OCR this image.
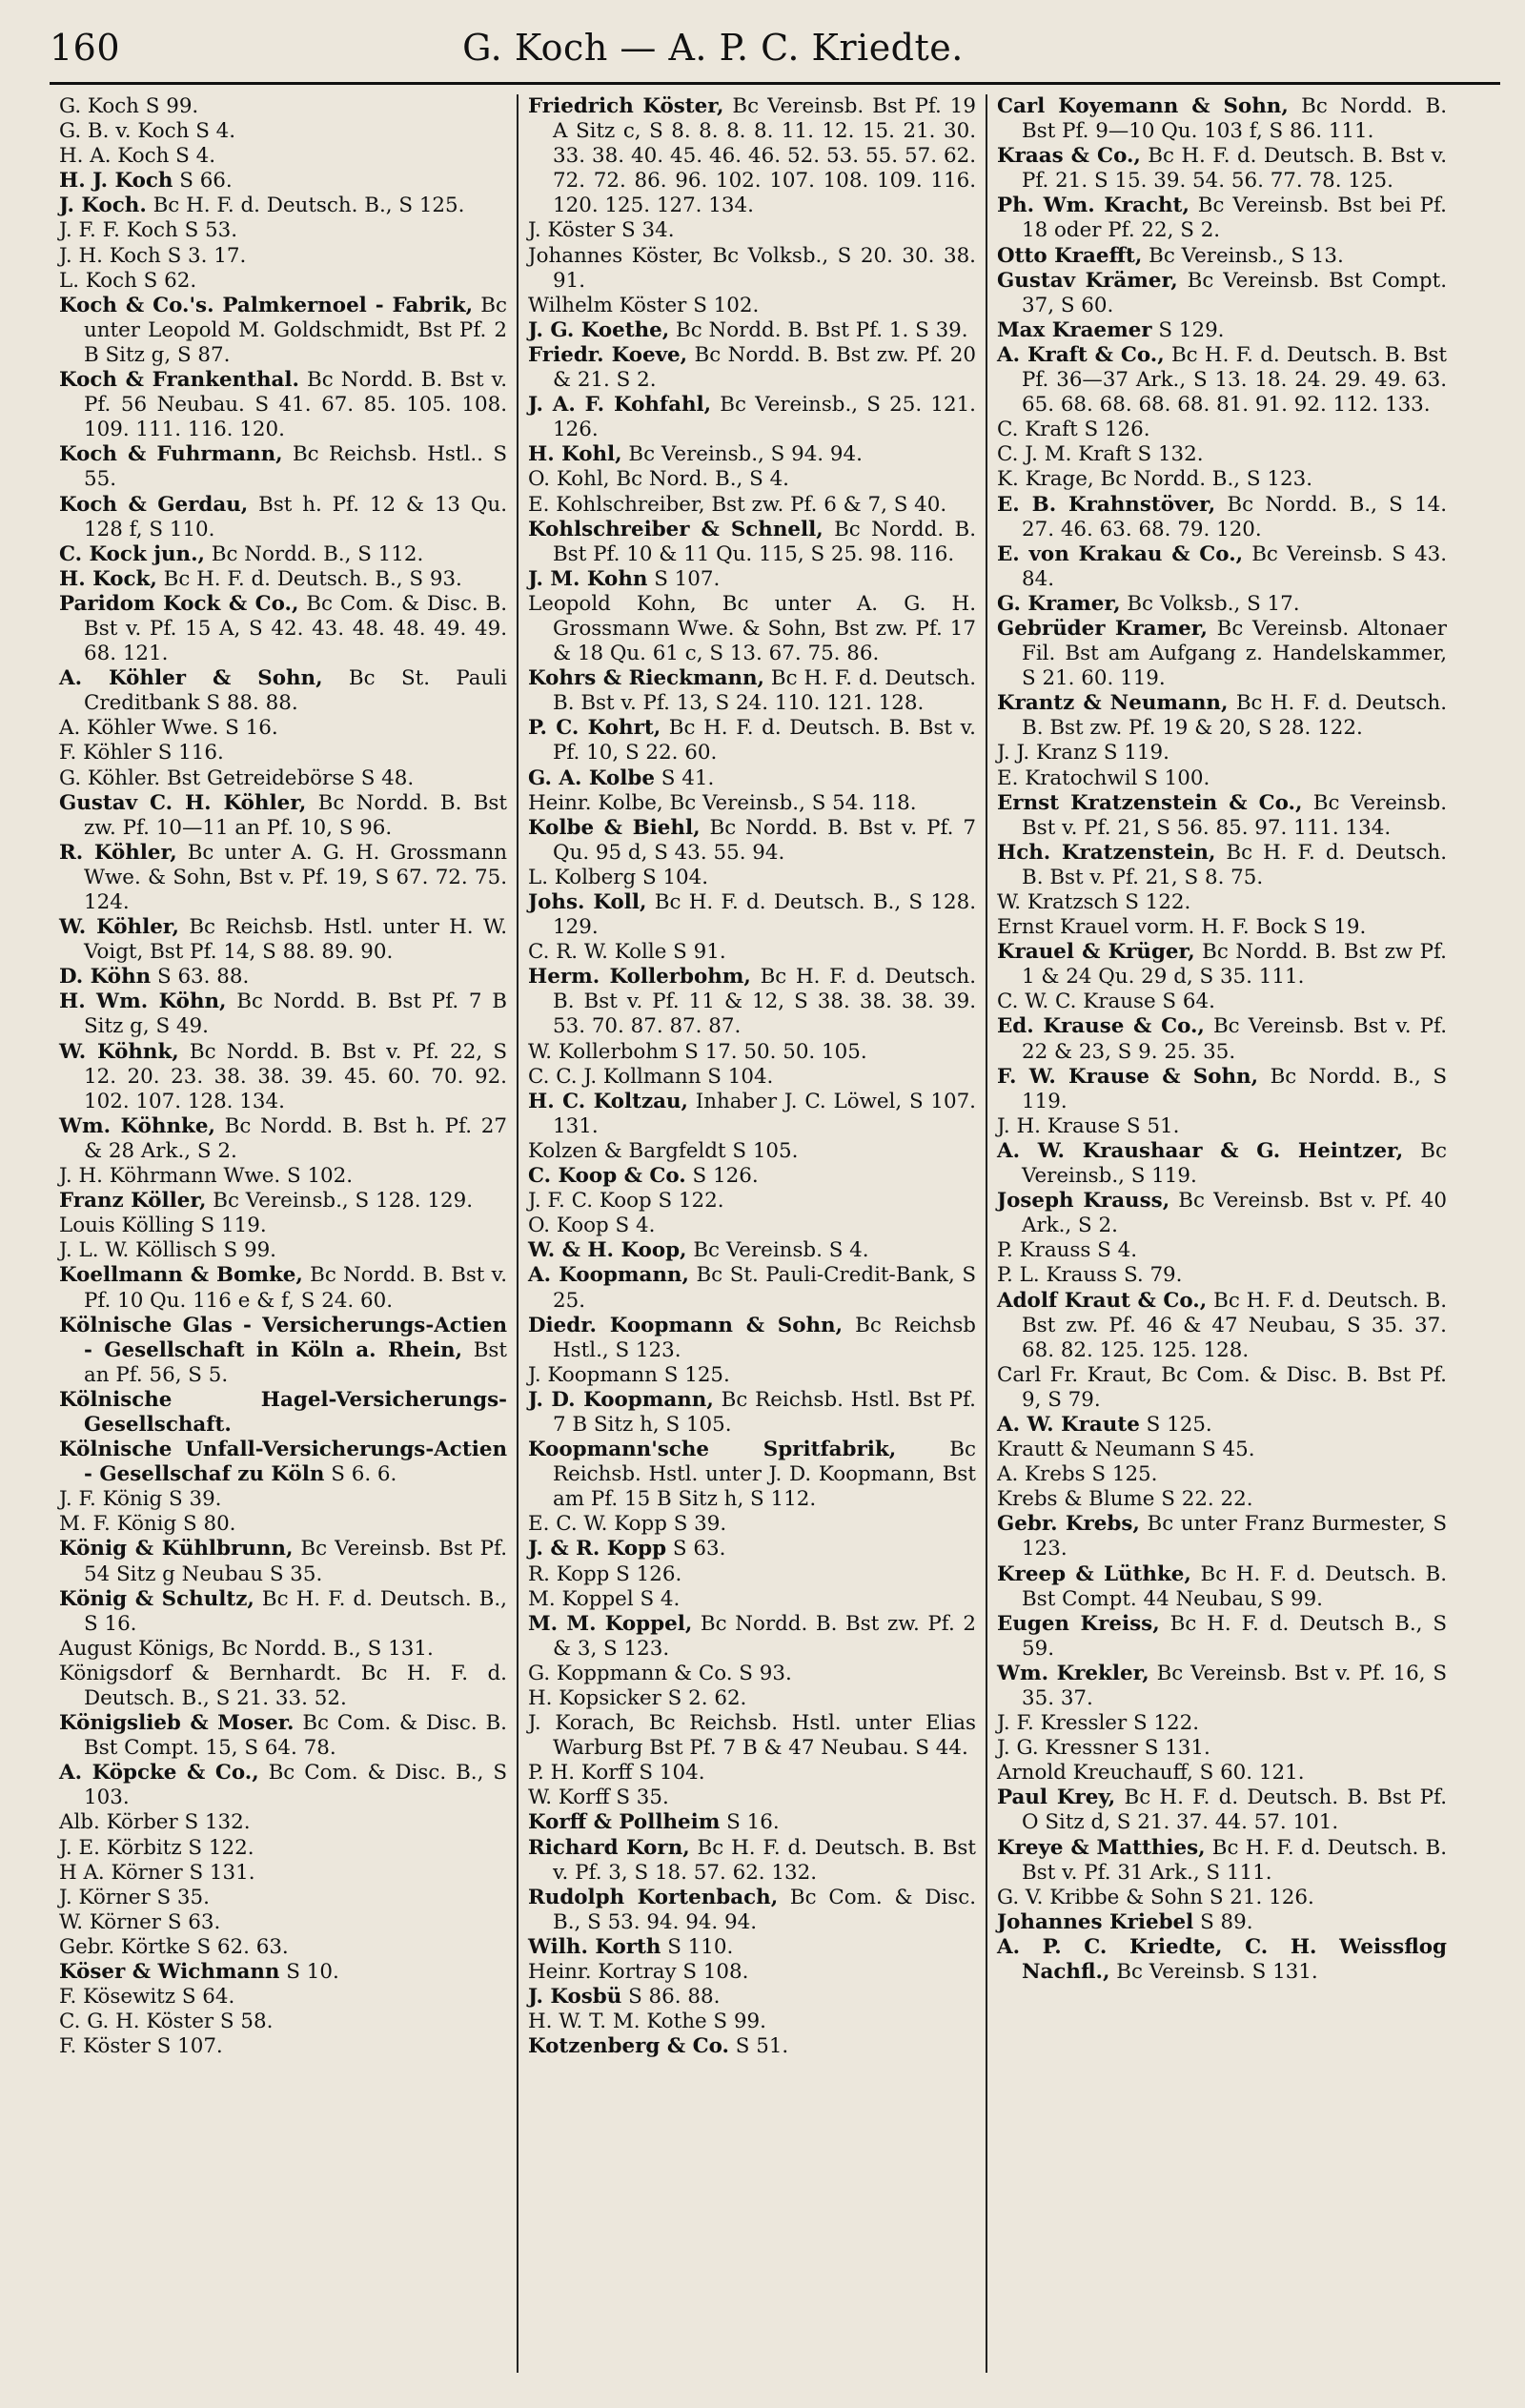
160	G. Koch — A. P. C. Kriedte.
G. Koch S 99.
G. B. v. Koch S 4.
H. A. Koch S 4.
H. J. Koch S 66.
J. Koch. Bc H. F. d. Deutsch. B., S 125.
J. F. F. Koch S 53.
J. H. Koch S 3. 17.
L. Koch S 62.
Koch & Co.'s. Palmkernoel - Fabrik, Bc unter Leopold M. Goldschmidt, Bst Pf. 2 B Sitz g, S 87.
Koch & Frankenthal. Bc Nordd. B. Bst v. Pf. 56 Neubau. S 41. 67. 85. 105. 108. 109. 111. 116. 120.
Koch & Fuhrmann, Bc Reichsb. Hstl.. S 55.
Koch & Gerdau, Bst h. Pf. 12 & 13 Qu. 128 f, S 110.
C. Kock jun., Bc Nordd. B., S 112.
H. Kock, Bc H. F. d. Deutsch. B., S 93.
Paridom Kock & Co., Bc Com. & Disc. B. Bst v. Pf. 15 A, S 42. 43. 48. 48. 49. 49. 68. 121.
A. Köhler & Sohn, Bc St. Pauli Creditbank S 88. 88.
A. Köhler Wwe. S 16.
F. Köhler S 116.
G. Köhler. Bst Getreidebörse S 48.
Gustav C. H. Köhler, Bc Nordd. B. Bst zw. Pf. 10—11 an Pf. 10, S 96.
R. Köhler, Bc unter A. G. H. Grossmann Wwe. & Sohn, Bst v. Pf. 19, S 67. 72. 75. 124.
W. Köhler, Bc Reichsb. Hstl. unter H. W. Voigt, Bst Pf. 14, S 88. 89. 90.
D. Köhn S 63. 88.
H. Wm. Köhn, Bc Nordd. B. Bst Pf. 7 B Sitz g, S 49.
W. Köhnk, Bc Nordd. B. Bst v. Pf. 22, S 12. 20. 23. 38. 38. 39. 45. 60. 70. 92. 102. 107. 128. 134.
Wm. Köhnke, Bc Nordd. B. Bst h. Pf. 27 & 28 Ark., S 2.
J. H. Köhrmann Wwe. S 102.
Franz Köller, Bc Vereinsb., S 128. 129.
Louis Kölling S 119.
J. L. W. Köllisch S 99.
Koellmann & Bomke, Bc Nordd. B. Bst v. Pf. 10 Qu. 116 e & f, S 24. 60.
Kölnische Glas - Versicherungs-Actien - Gesellschaft in Köln a. Rhein, Bst an Pf. 56, S 5.
Kölnische Hagel-Versicherungs-Gesellschaft.
Kölnische Unfall-Versicherungs-Actien - Gesellschaf zu Köln S 6. 6.
J. F. König S 39.
M. F. König S 80.
König & Kühlbrunn, Bc Vereinsb. Bst Pf. 54 Sitz g Neubau S 35.
König & Schultz, Bc H. F. d. Deutsch. B., S 16.
August Königs, Bc Nordd. B., S 131.
Königsdorf & Bernhardt. Bc H. F. d. Deutsch. B., S 21. 33. 52.
Königslieb & Moser. Bc Com. & Disc. B. Bst Compt. 15, S 64. 78.
A. Köpcke & Co., Bc Com. & Disc. B., S 103.
Alb. Körber S 132.
J. E. Körbitz S 122.
H A. Körner S 131.
J. Körner S 35.
W. Körner S 63.
Gebr. Körtke S 62. 63.
Köser & Wichmann S 10.
F. Kösewitz S 64.
C. G. H. Köster S 58.
F. Köster S 107.
Friedrich Köster, Bc Vereinsb. Bst Pf. 19 A Sitz c, S 8. 8. 8. 8. 11. 12. 15. 21. 30. 33. 38. 40. 45. 46. 46. 52. 53. 55. 57. 62. 72. 72. 86. 96. 102. 107. 108. 109. 116. 120. 125. 127. 134.
J. Köster S 34.
Johannes Köster, Bc Volksb., S 20. 30. 38. 91.
Wilhelm Köster S 102.
J. G. Koethe, Bc Nordd. B. Bst Pf. 1. S 39.
Friedr. Koeve, Bc Nordd. B. Bst zw. Pf. 20 & 21. S 2.
J. A. F. Kohfahl, Bc Vereinsb., S 25. 121. 126.
H. Kohl, Bc Vereinsb., S 94. 94.
O. Kohl, Bc Nord. B., S 4.
E. Kohlschreiber, Bst zw. Pf. 6 & 7, S 40.
Kohlschreiber & Schnell, Bc Nordd. B. Bst Pf. 10 & 11 Qu. 115, S 25. 98. 116.
J. M. Kohn S 107.
Leopold Kohn, Bc unter A. G. H. Grossmann Wwe. & Sohn, Bst zw. Pf. 17 & 18 Qu. 61 c, S 13. 67. 75. 86.
Kohrs & Rieckmann, Bc H. F. d. Deutsch. B. Bst v. Pf. 13, S 24. 110. 121. 128.
P. C. Kohrt, Bc H. F. d. Deutsch. B. Bst v. Pf. 10, S 22. 60.
G. A. Kolbe S 41.
Heinr. Kolbe, Bc Vereinsb., S 54. 118.
Kolbe & Biehl, Bc Nordd. B. Bst v. Pf. 7 Qu. 95 d, S 43. 55. 94.
L. Kolberg S 104.
Johs. Koll, Bc H. F. d. Deutsch. B., S 128. 129.
C. R. W. Kolle S 91.
Herm. Kollerbohm, Bc H. F. d. Deutsch. B. Bst v. Pf. 11 & 12, S 38. 38. 38. 39. 53. 70. 87. 87. 87.
W. Kollerbohm S 17. 50. 50. 105.
C. C. J. Kollmann S 104.
H. C. Koltzau, Inhaber J. C. Löwel, S 107. 131.
Kolzen & Bargfeldt S 105.
C. Koop & Co. S 126.
J. F. C. Koop S 122.
O. Koop S 4.
W. & H. Koop, Bc Vereinsb. S 4.
A. Koopmann, Bc St. Pauli-Credit-Bank, S 25.
Diedr. Koopmann & Sohn, Bc Reichsb Hstl., S 123.
J. Koopmann S 125.
J. D. Koopmann, Bc Reichsb. Hstl. Bst Pf. 7 B Sitz h, S 105.
Koopmann'sche Spritfabrik, Bc Reichsb. Hstl. unter J. D. Koopmann, Bst am Pf. 15 B Sitz h, S 112.
E. C. W. Kopp S 39.
J. & R. Kopp S 63.
R. Kopp S 126.
M. Koppel S 4.
M. M. Koppel, Bc Nordd. B. Bst zw. Pf. 2 & 3, S 123.
G. Koppmann & Co. S 93.
H. Kopsicker S 2. 62.
J. Korach, Bc Reichsb. Hstl. unter Elias Warburg Bst Pf. 7 B & 47 Neubau. S 44.
P. H. Korff S 104.
W. Korff S 35.
Korff & Pollheim S 16.
Richard Korn, Bc H. F. d. Deutsch. B. Bst v. Pf. 3, S 18. 57. 62. 132.
Rudolph Kortenbach, Bc Com. & Disc. B., S 53. 94. 94. 94.
Wilh. Korth S 110.
Heinr. Kortray S 108.
J. Kosbü S 86. 88.
H. W. T. M. Kothe S 99.
Kotzenberg & Co. S 51.
Carl Koyemann & Sohn, Bc Nordd. B. Bst Pf. 9—10 Qu. 103 f, S 86. 111.
Kraas & Co., Bc H. F. d. Deutsch. B. Bst v. Pf. 21. S 15. 39. 54. 56. 77. 78. 125.
Ph. Wm. Kracht, Bc Vereinsb. Bst bei Pf. 18 oder Pf. 22, S 2.
Otto Kraefft, Bc Vereinsb., S 13.
Gustav Krämer, Bc Vereinsb. Bst Compt. 37, S 60.
Max Kraemer S 129.
A. Kraft & Co., Bc H. F. d. Deutsch. B. Bst Pf. 36—37 Ark., S 13. 18. 24. 29. 49. 63. 65. 68. 68. 68. 68. 81. 91. 92. 112. 133.
C. Kraft S 126.
C. J. M. Kraft S 132.
K. Krage, Bc Nordd. B., S 123.
E. B. Krahnstöver, Bc Nordd. B., S 14. 27. 46. 63. 68. 79. 120.
E. von Krakau & Co., Bc Vereinsb. S 43. 84.
G. Kramer, Bc Volksb., S 17.
Gebrüder Kramer, Bc Vereinsb. Altonaer Fil. Bst am Aufgang z. Handelskammer, S 21. 60. 119.
Krantz & Neumann, Bc H. F. d. Deutsch. B. Bst zw. Pf. 19 & 20, S 28. 122.
J. J. Kranz S 119.
E. Kratochwil S 100.
Ernst Kratzenstein & Co., Bc Vereinsb. Bst v. Pf. 21, S 56. 85. 97. 111. 134.
Hch. Kratzenstein, Bc H. F. d. Deutsch. B. Bst v. Pf. 21, S 8. 75.
W. Kratzsch S 122.
Ernst Krauel vorm. H. F. Bock S 19.
Krauel & Krüger, Bc Nordd. B. Bst zw Pf. 1 & 24 Qu. 29 d, S 35. 111.
C. W. C. Krause S 64.
Ed. Krause & Co., Bc Vereinsb. Bst v. Pf. 22 & 23, S 9. 25. 35.
F. W. Krause & Sohn, Bc Nordd. B., S 119.
J. H. Krause S 51.
A. W. Kraushaar & G. Heintzer, Bc Vereinsb., S 119.
Joseph Krauss, Bc Vereinsb. Bst v. Pf. 40 Ark., S 2.
P. Krauss S 4.
P. L. Krauss S. 79.
Adolf Kraut & Co., Bc H. F. d. Deutsch. B. Bst zw. Pf. 46 & 47 Neubau, S 35. 37. 68. 82. 125. 125. 128.
Carl Fr. Kraut, Bc Com. & Disc. B. Bst Pf. 9, S 79.
A. W. Kraute S 125.
Krautt & Neumann S 45.
A. Krebs S 125.
Krebs & Blume S 22. 22.
Gebr. Krebs, Bc unter Franz Burmester, S 123.
Kreep & Lüthke, Bc H. F. d. Deutsch. B. Bst Compt. 44 Neubau, S 99.
Eugen Kreiss, Bc H. F. d. Deutsch B., S 59.
Wm. Krekler, Bc Vereinsb. Bst v. Pf. 16, S 35. 37.
J. F. Kressler S 122.
J. G. Kressner S 131.
Arnold Kreuchauff, S 60. 121.
Paul Krey, Bc H. F. d. Deutsch. B. Bst Pf. O Sitz d, S 21. 37. 44. 57. 101.
Kreye & Matthies, Bc H. F. d. Deutsch. B. Bst v. Pf. 31 Ark., S 111.
G. V. Kribbe & Sohn S 21. 126.
Johannes Kriebel S 89.
A. P. C. Kriedte, C. H. Weissflog Nachfl., Bc Vereinsb. S 131.
